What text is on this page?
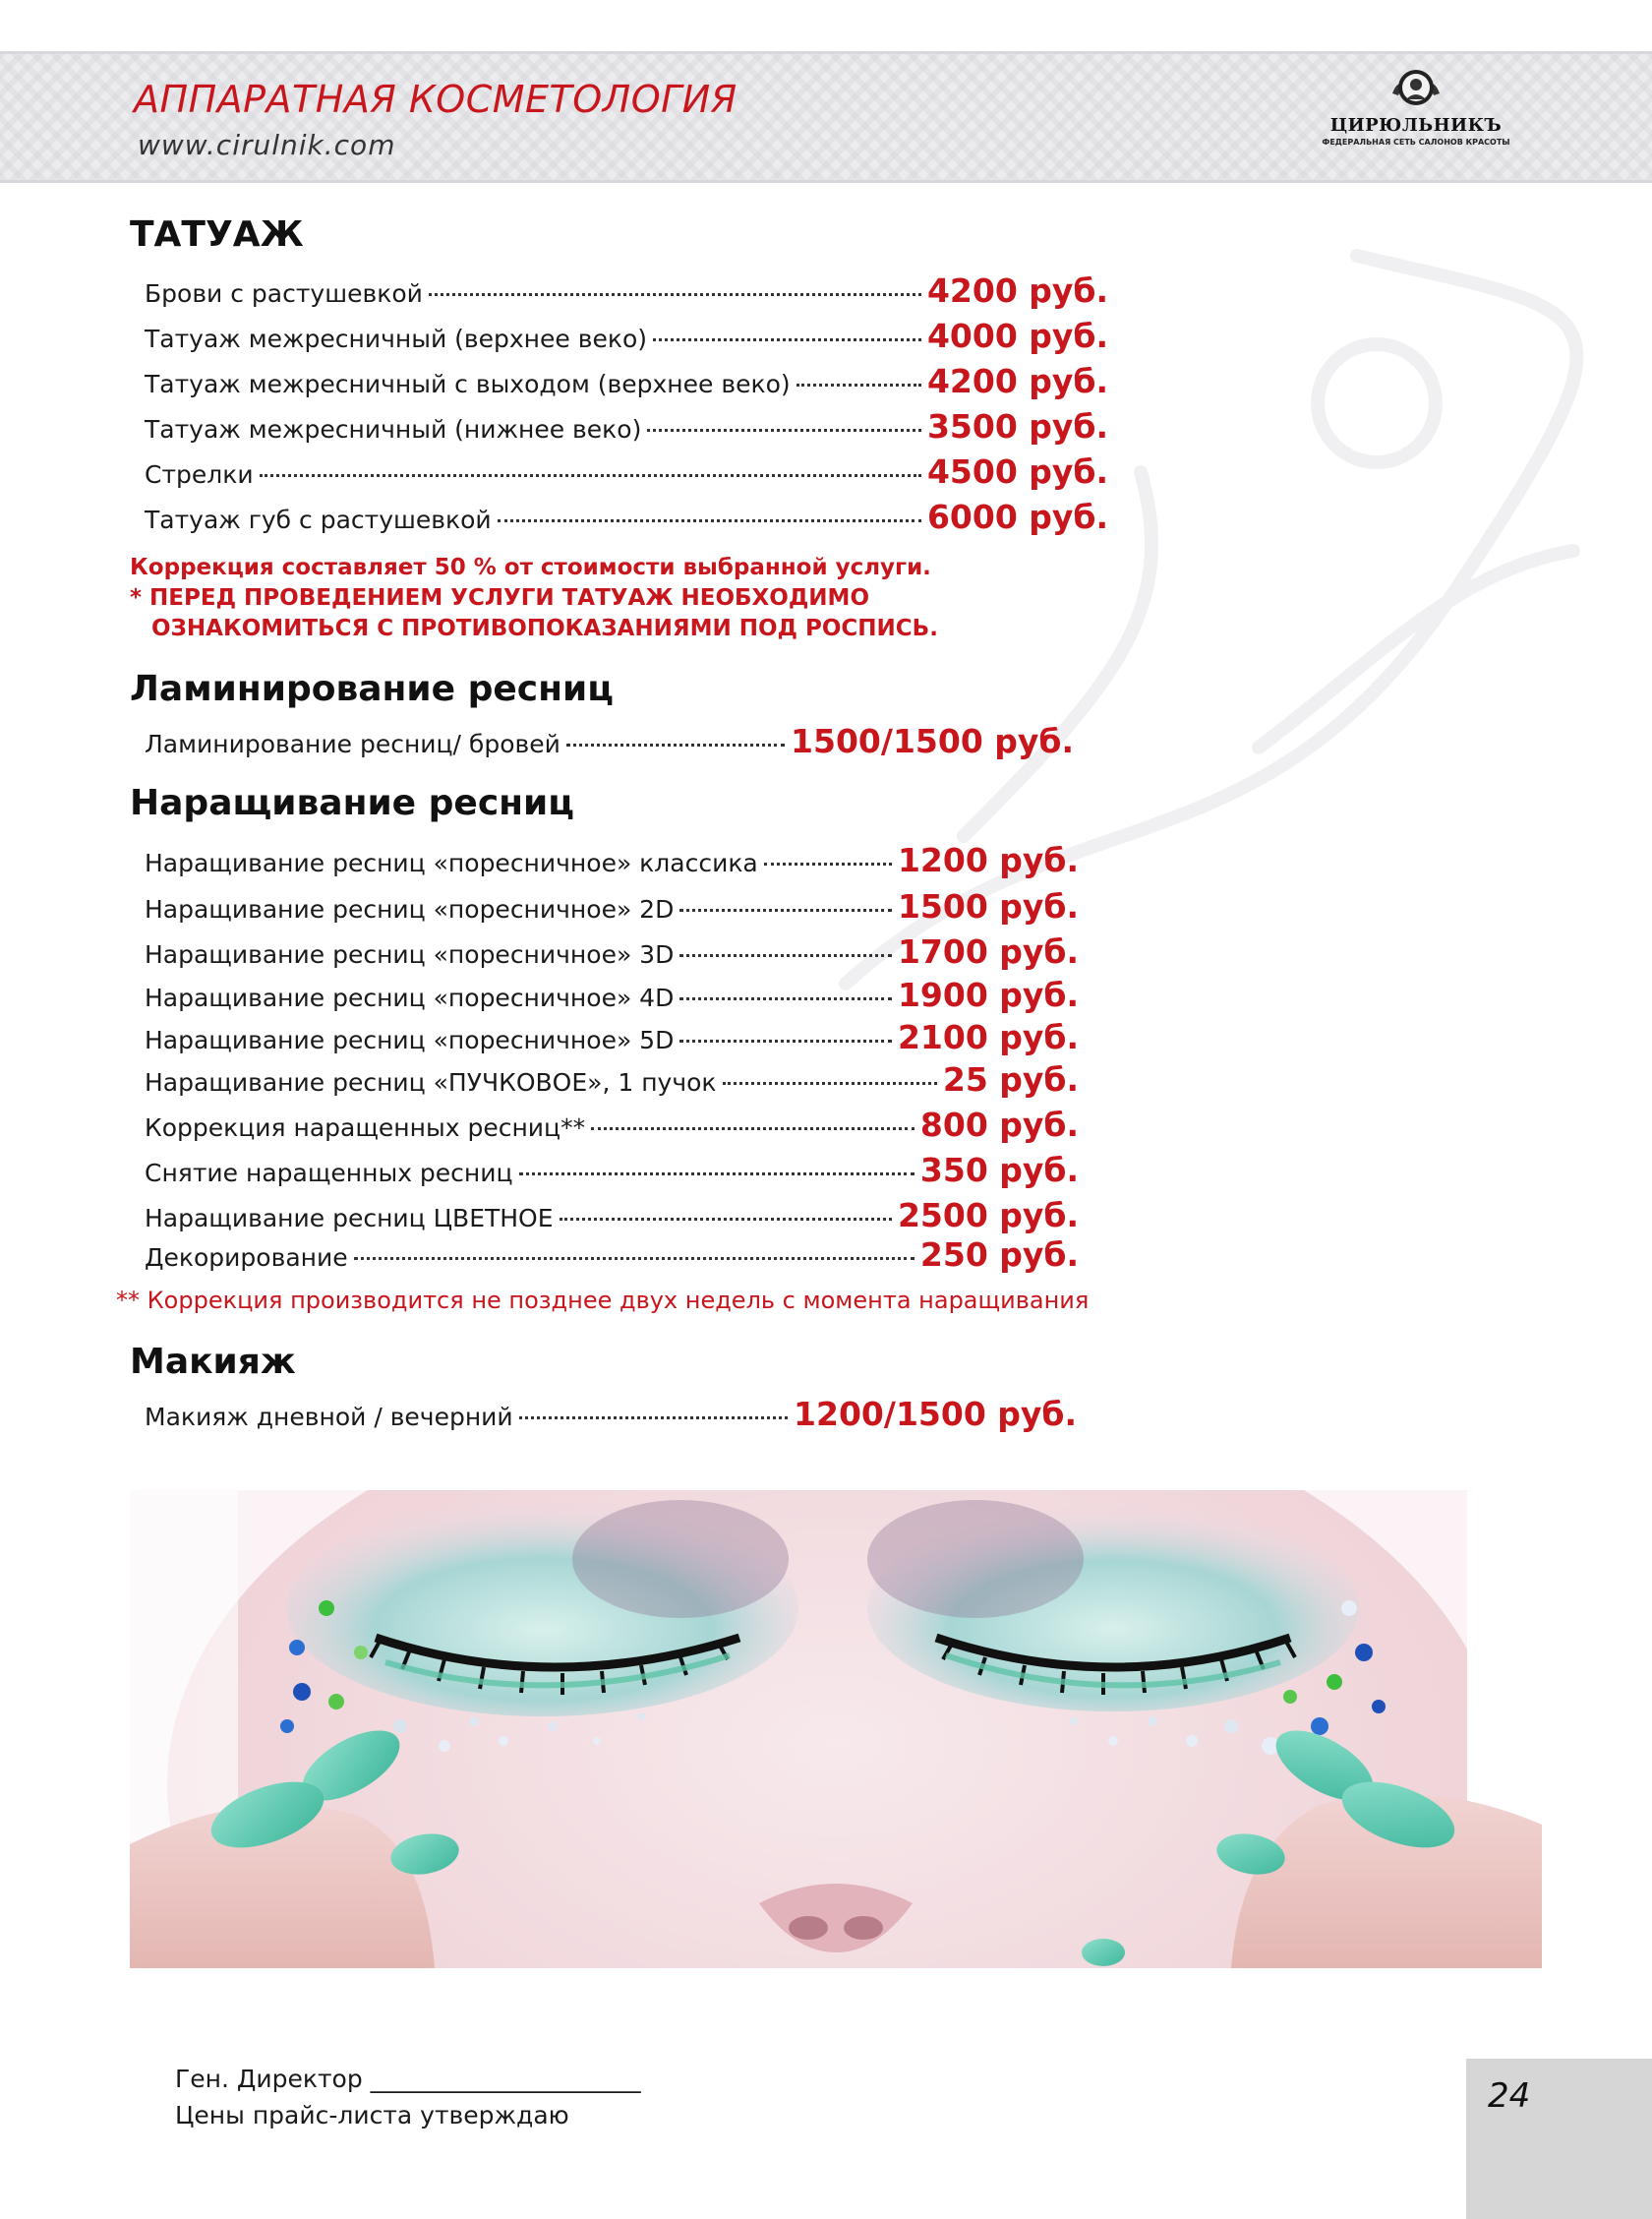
АППАРАТНАЯ КОСМЕТОЛОГИЯ
www.cirulnik.com
ЦИРЮЛЬНИКЪ
ФЕДЕРАЛЬНАЯ СЕТЬ САЛОНОВ КРАСОТЫ
ТАТУАЖ
Брови с растушевкой	4200 руб.
Татуаж межресничный (верхнее веко)	4000 руб.
Татуаж межресничный с выходом (верхнее веко)	4200 руб.
Татуаж межресничный (нижнее веко)	3500 руб.
Стрелки	4500 руб.
Татуаж губ с растушевкой	6000 руб.
Коррекция составляет 50 % от стоимости выбранной услуги.
* ПЕРЕД ПРОВЕДЕНИЕМ УСЛУГИ ТАТУАЖ НЕОБХОДИМО
ОЗНАКОМИТЬСЯ С ПРОТИВОПОКАЗАНИЯМИ ПОД РОСПИСЬ.
Ламинирование ресниц
Ламинирование ресниц/ бровей	1500/1500 руб.
Наращивание ресниц
Наращивание ресниц «пoресничное» классика	1200 руб.
Наращивание ресниц «поресничное» 2D	1500 руб.
Наращивание ресниц «поресничное» 3D	1700 руб.
Наращивание ресниц «поресничное» 4D	1900 руб.
Наращивание ресниц «поресничное» 5D	2100 руб.
Наращивание ресниц «ПУЧКОВОЕ», 1 пучок	25 руб.
Коррекция наращенных ресниц**	800 руб.
Снятие наращенных ресниц	350 руб.
Наращивание ресниц ЦВЕТНОЕ	2500 руб.
Декорирование	250 руб.
** Коррекция производится не позднее двух недель с момента наращивания
Макияж
Макияж дневной / вечерний	1200/1500 руб.
Ген. Директор ______________________
Цены прайс-листа утверждаю	24
